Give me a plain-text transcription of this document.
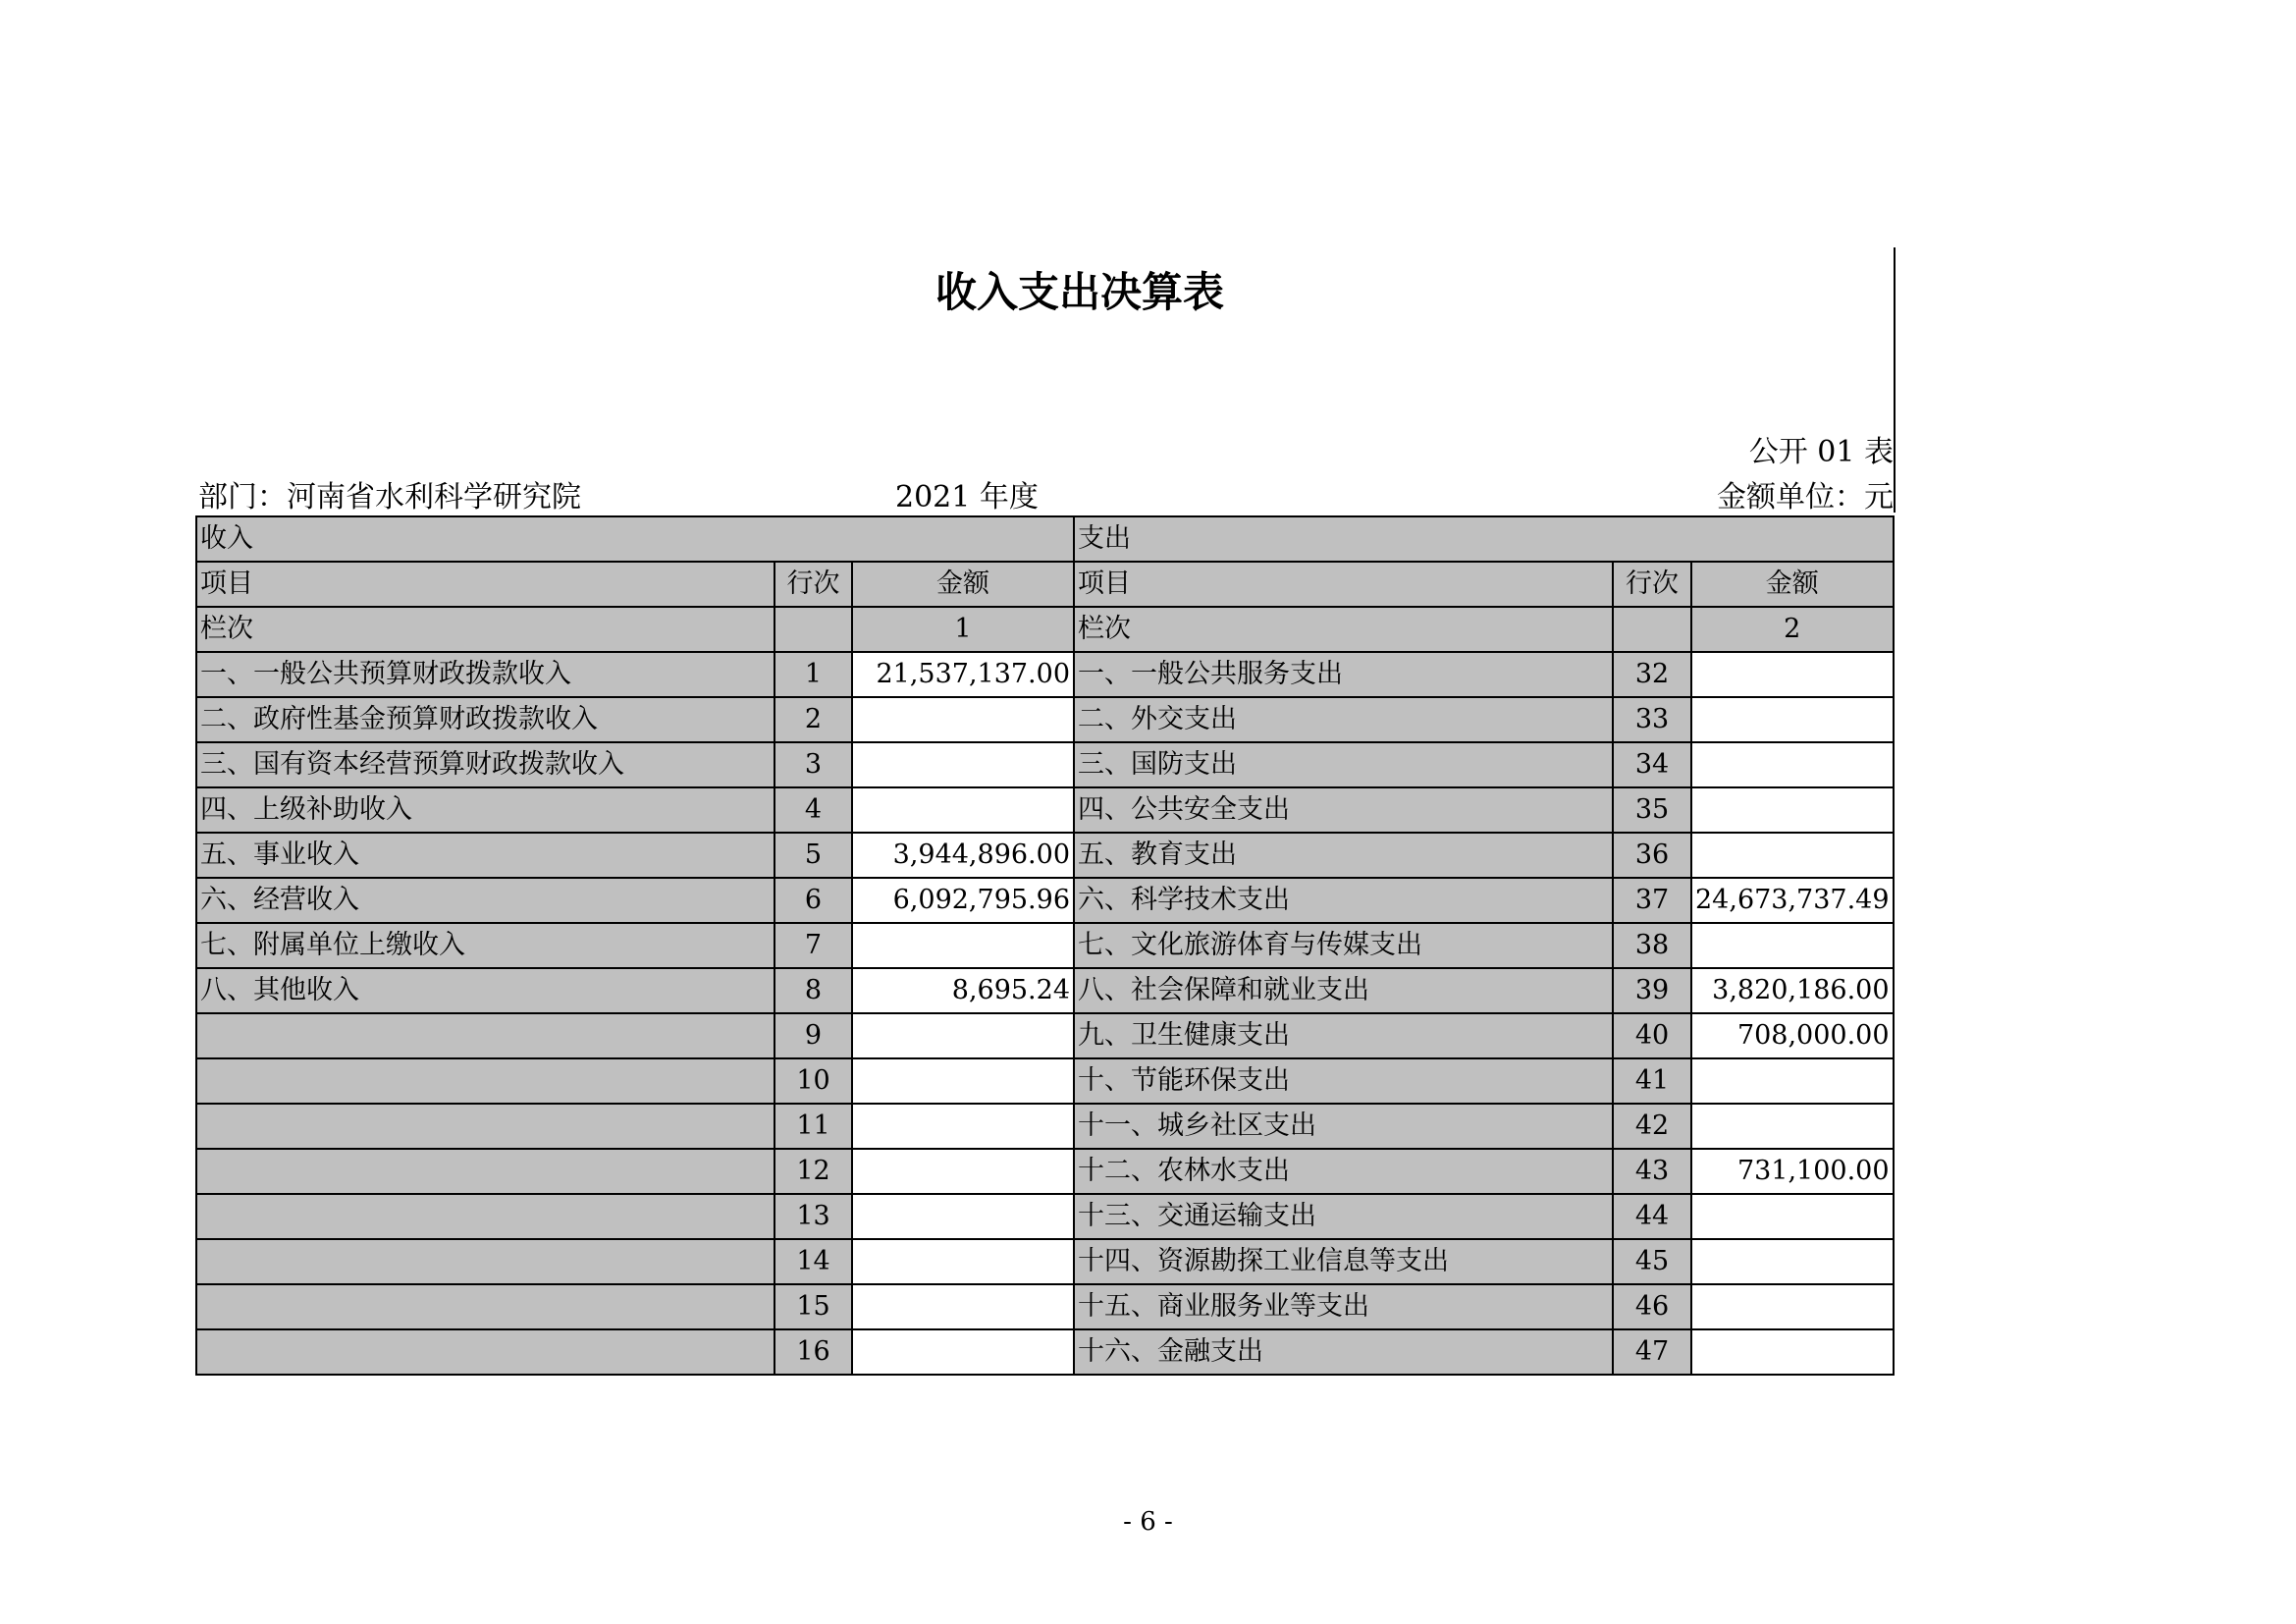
收入支出决算表
公开 01 表
部门：河南省水利科学研究院	2021 年度	金额单位：元
收入			支出		
项目	行次	金额	项目	行次	金额
栏次		1	栏次		2
一、一般公共预算财政拨款收入	1	21,537,137.00	一、一般公共服务支出	32	
二、政府性基金预算财政拨款收入	2		二、外交支出	33	
三、国有资本经营预算财政拨款收入	3		三、国防支出	34	
四、上级补助收入	4		四、公共安全支出	35	
五、事业收入	5	3,944,896.00	五、教育支出	36	
六、经营收入	6	6,092,795.96	六、科学技术支出	37	24,673,737.49
七、附属单位上缴收入	7		七、文化旅游体育与传媒支出	38	
八、其他收入	8	8,695.24	八、社会保障和就业支出	39	3,820,186.00
	9		九、卫生健康支出	40	708,000.00
	10		十、节能环保支出	41	
	11		十一、城乡社区支出	42	
	12		十二、农林水支出	43	731,100.00
	13		十三、交通运输支出	44	
	14		十四、资源勘探工业信息等支出	45	
	15		十五、商业服务业等支出	46	
	16		十六、金融支出	47	
- 6 -
